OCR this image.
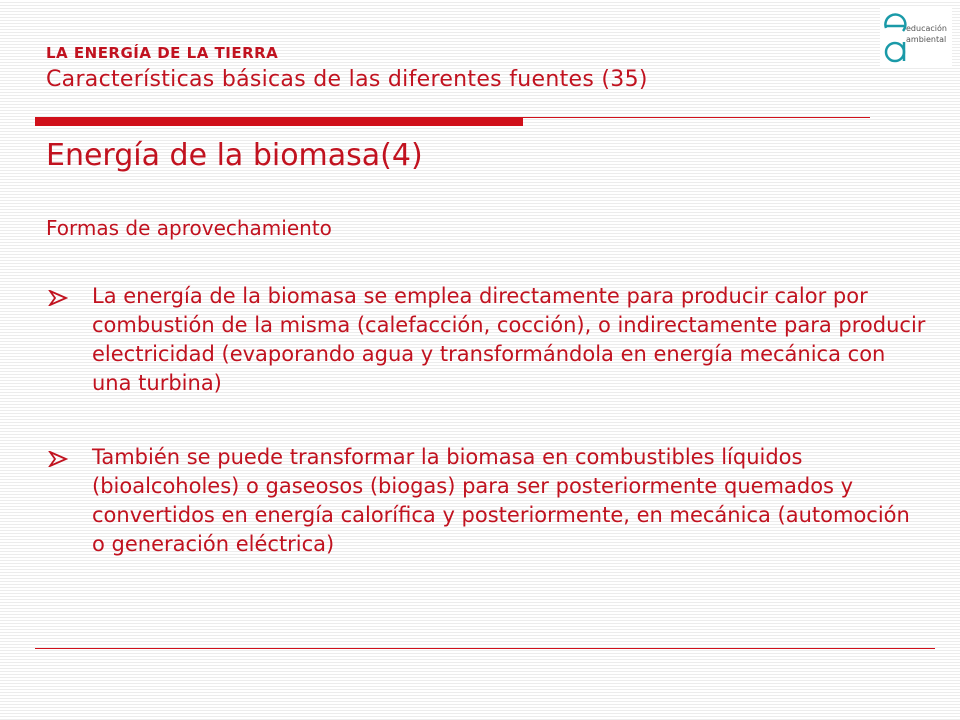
LA ENERGÍA DE LA TIERRA
Características básicas de las diferentes fuentes (35)
educación
ambiental
Energía de la biomasa(4)
Formas de aprovechamiento
La energía de la biomasa se emplea directamente para producir calor por combustión de la misma (calefacción, cocción), o indirectamente para producir electricidad (evaporando agua y transformándola en energía mecánica con una turbina)
También se puede transformar la biomasa en combustibles líquidos (bioalcoholes) o gaseosos (biogas) para ser posteriormente quemados y convertidos en energía calorífica y posteriormente, en mecánica (automoción o generación eléctrica)
